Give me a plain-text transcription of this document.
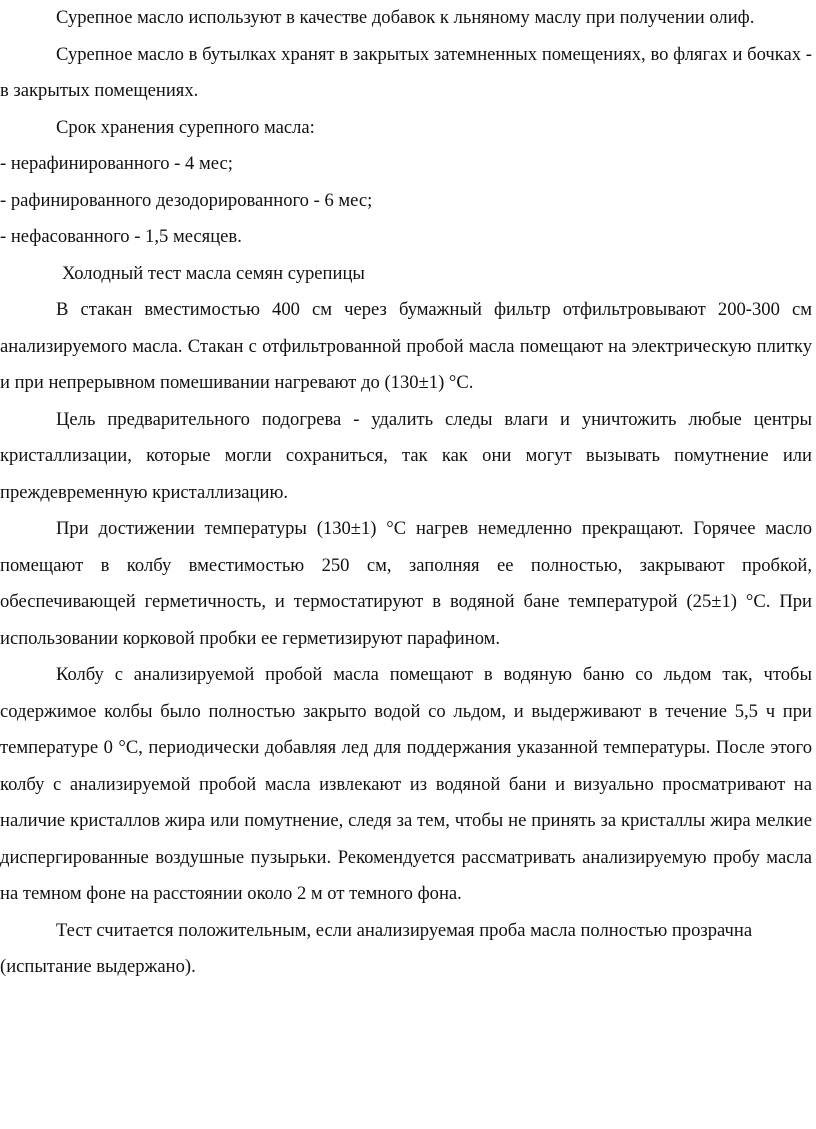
Сурепное масло используют в качестве добавок к льняному маслу при получении олиф.

Сурепное масло в бутылках хранят в закрытых затемненных помещениях, во флягах и бочках - в закрытых помещениях.

Срок хранения сурепного масла:

- нерафинированного - 4 мес;

- рафинированного дезодорированного - 6 мес;

- нефасованного - 1,5 месяцев.

Холодный тест масла семян сурепицы

В стакан вместимостью 400 см через бумажный фильтр отфильтровывают 200-300 см анализируемого масла. Стакан с отфильтрованной пробой масла помещают на электрическую плитку и при непрерывном помешивании нагревают до (130±1) °С.

Цель предварительного подогрева - удалить следы влаги и уничтожить любые центры кристаллизации, которые могли сохраниться, так как они могут вызывать помутнение или преждевременную кристаллизацию.

При достижении температуры (130±1) °С нагрев немедленно прекращают. Горячее масло помещают в колбу вместимостью 250 см, заполняя ее полностью, закрывают пробкой, обеспечивающей герметичность, и термостатируют в водяной бане температурой (25±1) °С. При использовании корковой пробки ее герметизируют парафином.

Колбу с анализируемой пробой масла помещают в водяную баню со льдом так, чтобы содержимое колбы было полностью закрыто водой со льдом, и выдерживают в течение 5,5 ч при температуре 0 °С, периодически добавляя лед для поддержания указанной температуры. После этого колбу с анализируемой пробой масла извлекают из водяной бани и визуально просматривают на наличие кристаллов жира или помутнение, следя за тем, чтобы не принять за кристаллы жира мелкие диспергированные воздушные пузырьки. Рекомендуется рассматривать анализируемую пробу масла на темном фоне на расстоянии около 2 м от темного фона.

Тест считается положительным, если анализируемая проба масла полностью прозрачна (испытание выдержано).
